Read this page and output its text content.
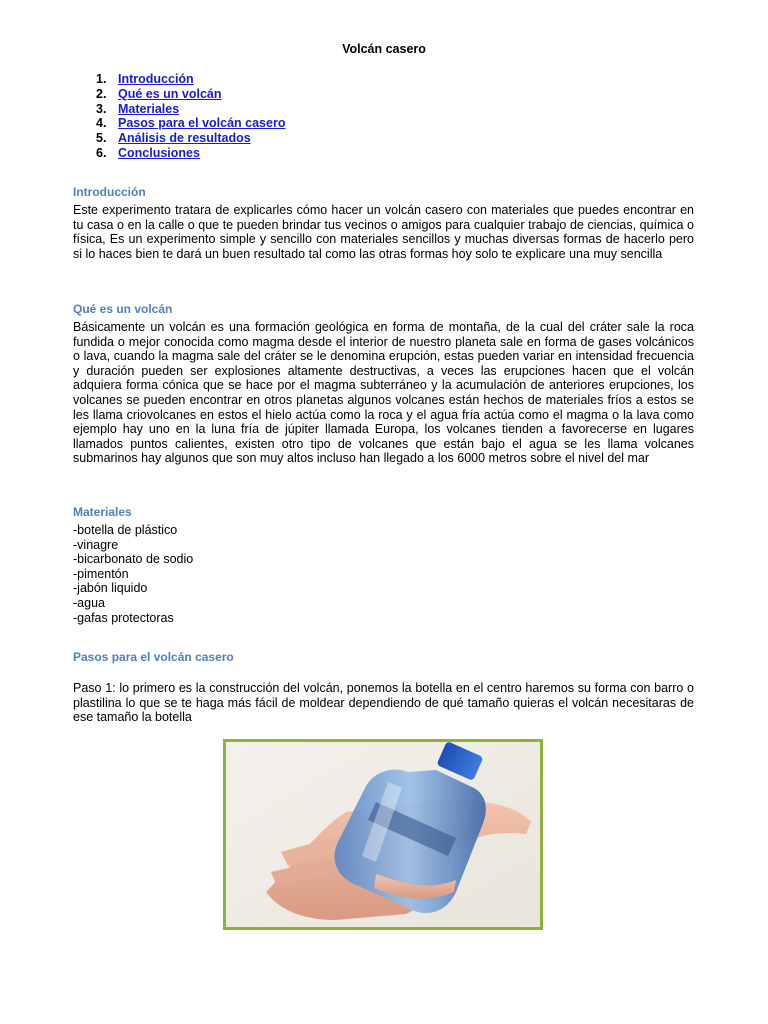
Volcán casero
1. Introducción
2. Qué es un volcán
3. Materiales
4. Pasos para el volcán casero
5. Análisis de resultados
6. Conclusiones
Introducción

Este experimento tratara de explicarles cómo hacer un volcán casero con materiales que puedes encontrar en tu casa o en la calle o que te pueden brindar tus vecinos o amigos para cualquier trabajo de ciencias, química o física, Es un experimento simple y sencillo con materiales sencillos y muchas diversas formas de hacerlo pero si lo haces bien te dará un buen resultado tal como las otras formas hoy solo te explicare una muy sencilla

Qué es un volcán

Básicamente un volcán es una formación geológica en forma de montaña, de la cual del cráter sale la roca fundida o mejor conocida como magma desde el interior de nuestro planeta sale en forma de gases volcánicos o lava, cuando la magma sale del cráter se le denomina erupción, estas pueden variar en intensidad frecuencia y duración pueden ser explosiones altamente destructivas, a veces las erupciones hacen que el volcán adquiera forma cónica que se hace por el magma subterráneo y la acumulación de anteriores erupciones, los volcanes se pueden encontrar en otros planetas algunos volcanes están hechos de materiales fríos a estos se les llama criovolcanes en estos el hielo actúa como la roca y el agua fría actúa como el magma o la lava como ejemplo hay uno en la luna fría de júpiter llamada Europa, los volcanes tienden a favorecerse en lugares llamados puntos calientes, existen otro tipo de volcanes que están bajo el agua se les llama volcanes submarinos hay algunos que son muy altos incluso han llegado a los 6000 metros sobre el nivel del mar

Materiales
-botella de plástico
-vinagre
-bicarbonato de sodio
-pimentón
-jabón liquido
-agua
-gafas protectoras
Pasos para el volcán casero

Paso 1: lo primero es la construcción del volcán, ponemos la botella en el centro haremos su forma con barro o plastilina lo que se te haga más fácil de moldear dependiendo de qué tamaño quieras el volcán necesitaras de ese tamaño la botella
